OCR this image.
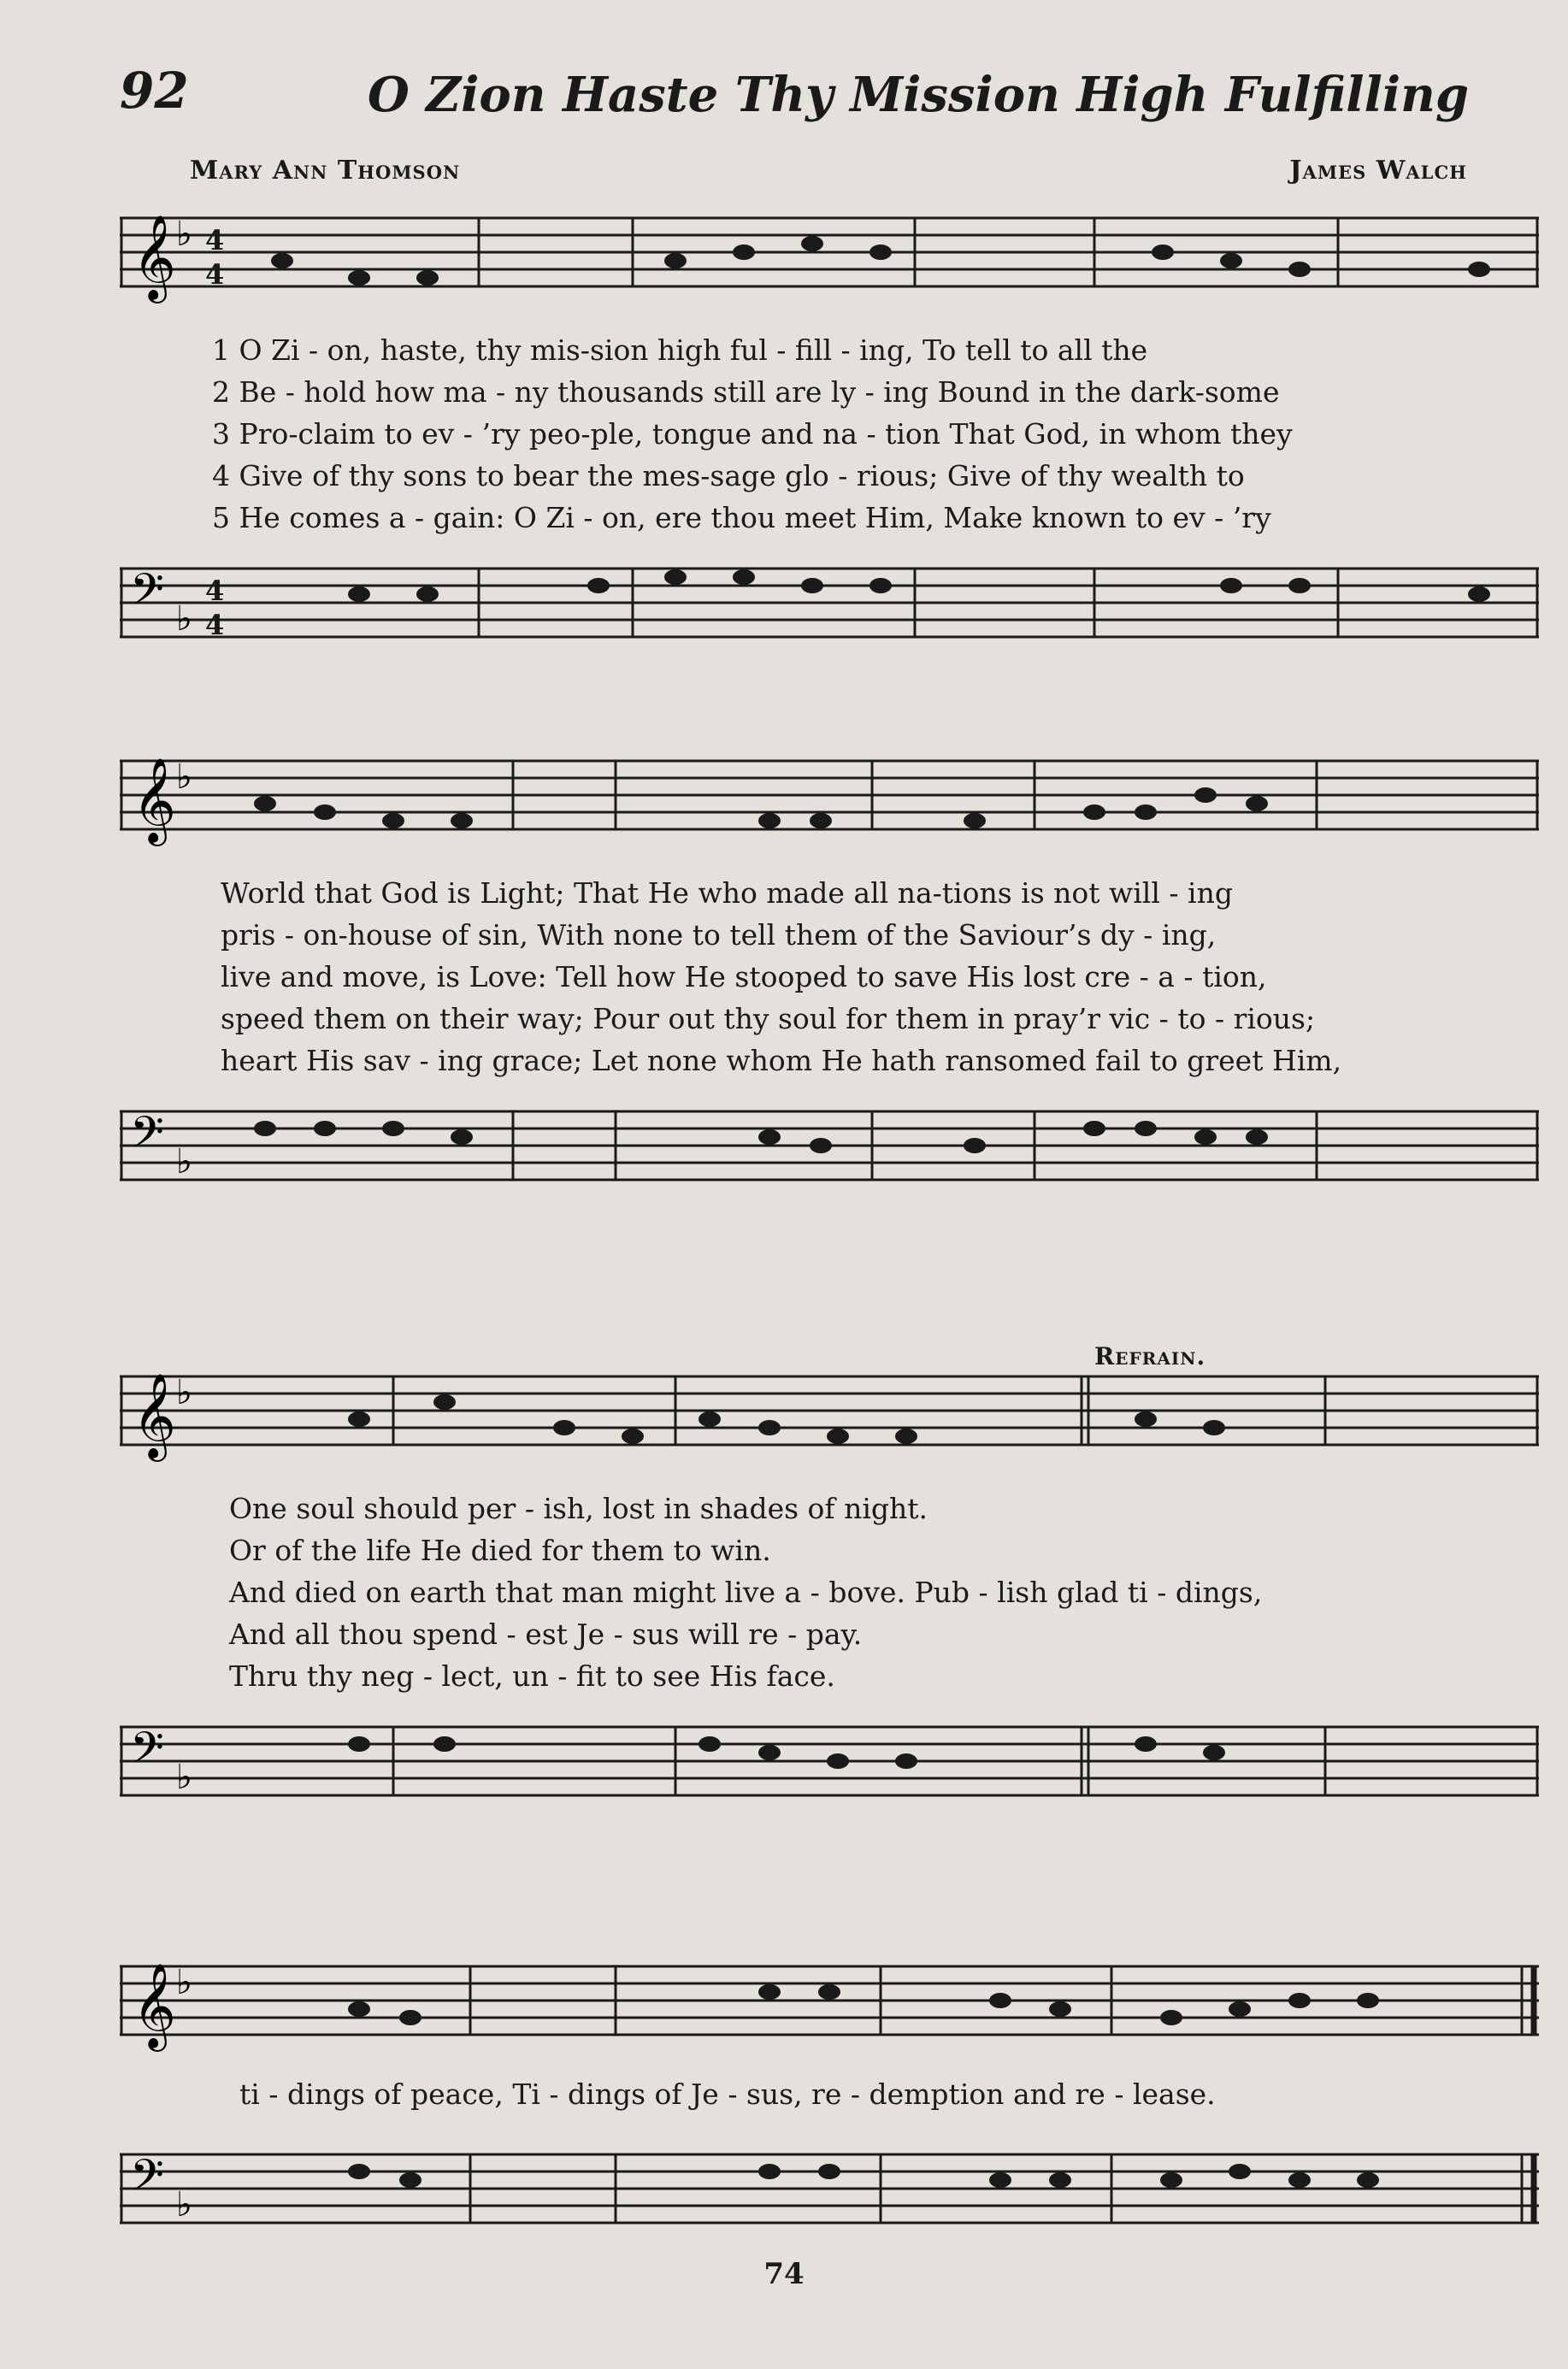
92	O Zion Haste Thy Mission High Fulfilling
Mary Ann Thomson	James Walch
𝄞 ♭ 4
4
1 O Zi - on, haste, thy mis-sion high ful - fill - ing, To tell to all the
2 Be - hold how ma - ny thousands still are ly - ing Bound in the dark-some
3 Pro-claim to ev - ’ry peo-ple, tongue and na - tion That God, in whom they
4 Give of thy sons to bear the mes-sage glo - rious; Give of thy wealth to
5 He comes a - gain: O Zi - on, ere thou meet Him, Make known to ev - ’ry
𝄢 ♭
4
4
𝄞 ♭
World that God is Light; That He who made all na-tions is not will - ing
pris - on-house of sin, With none to tell them of the Saviour’s dy - ing,
live and move, is Love: Tell how He stooped to save His lost cre - a - tion,
speed them on their way; Pour out thy soul for them in pray’r vic - to - rious;
heart His sav - ing grace; Let none whom He hath ransomed fail to greet Him,
𝄢 ♭
Refrain.
𝄞 ♭
One soul should per - ish, lost in shades of night.
Or of the life He died for them to win.
And died on earth that man might live a - bove. Pub - lish glad ti - dings,
And all thou spend - est Je - sus will re - pay.
Thru thy neg - lect, un - fit to see His face.
𝄢 ♭
𝄞 ♭
ti - dings of peace, Ti - dings of Je - sus, re - demption and re - lease.
𝄢 ♭
74
